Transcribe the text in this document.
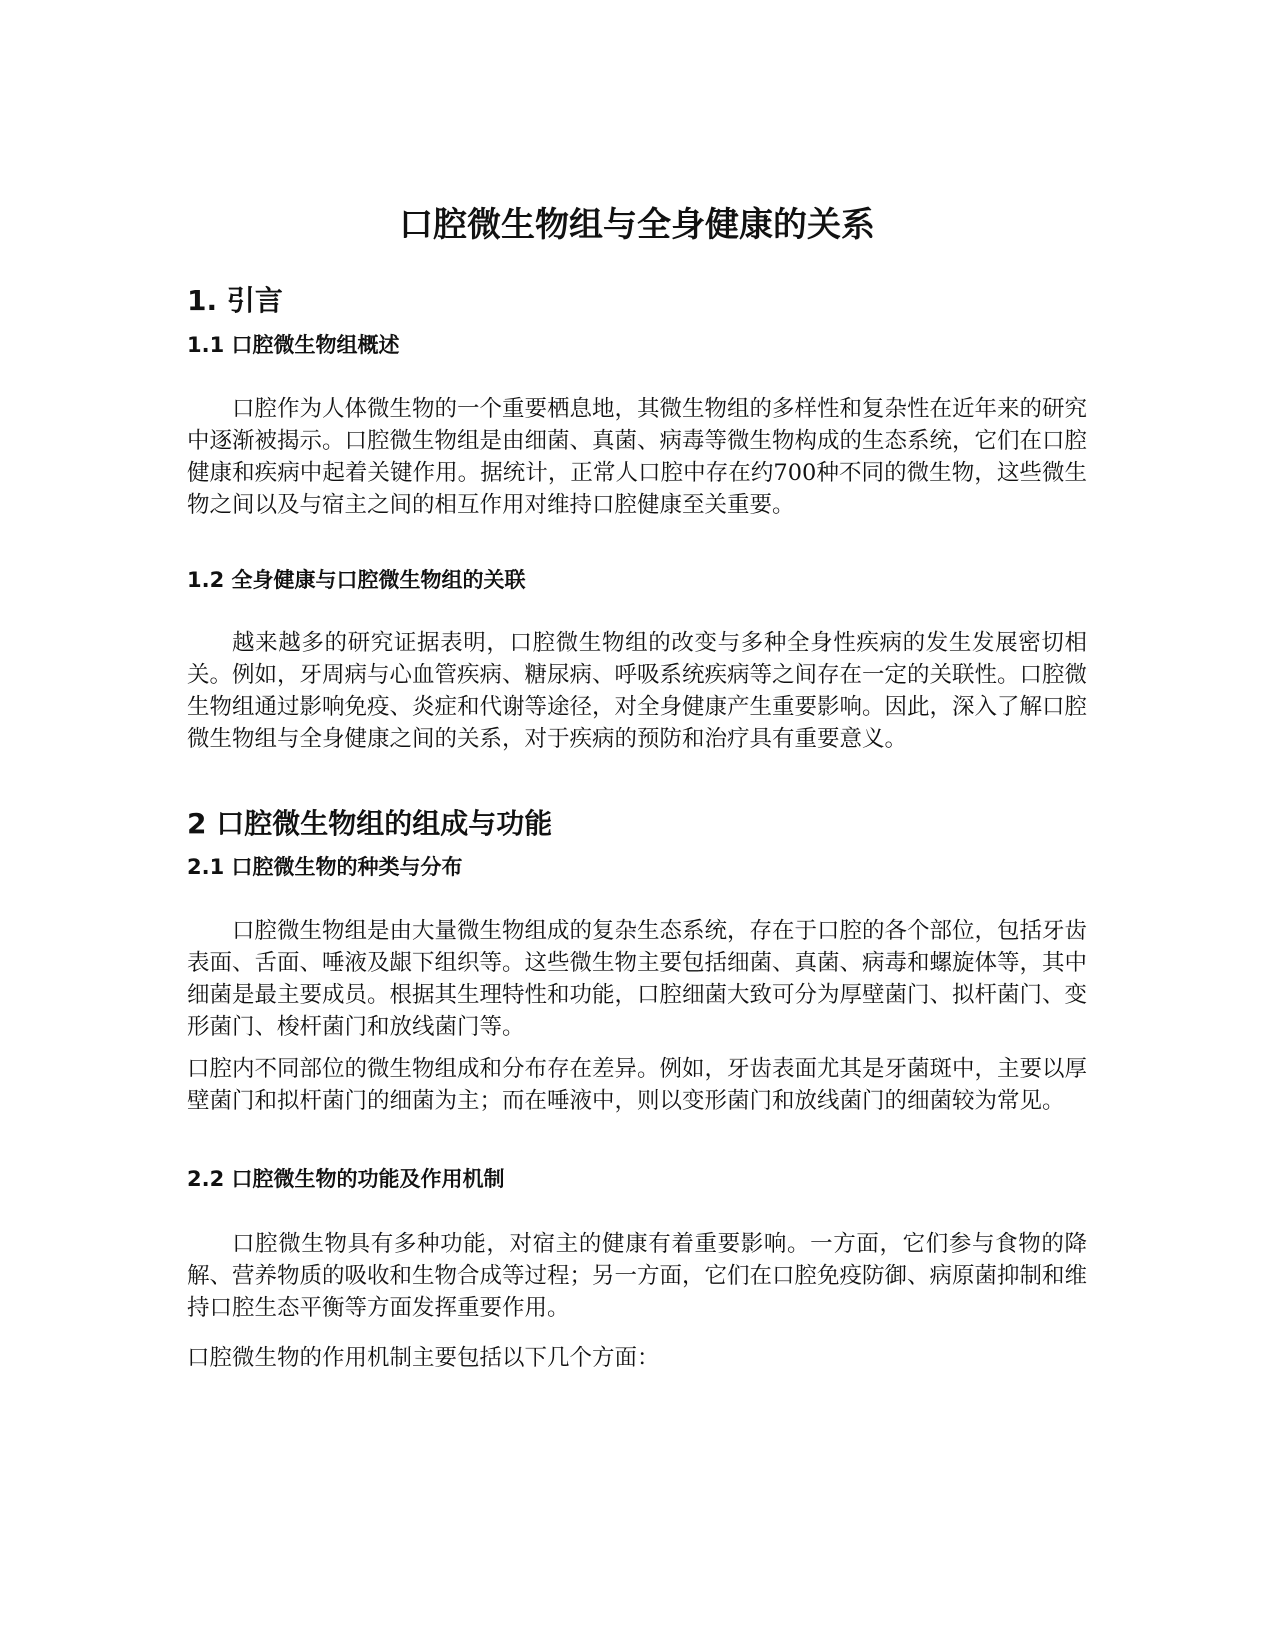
口腔微生物组与全身健康的关系
1. 引言
1.1 口腔微生物组概述

口腔作为人体微生物的一个重要栖息地，其微生物组的多样性和复杂性在近年来的研究中逐渐被揭示。口腔微生物组是由细菌、真菌、病毒等微生物构成的生态系统，它们在口腔健康和疾病中起着关键作用。据统计，正常人口腔中存在约700种不同的微生物，这些微生物之间以及与宿主之间的相互作用对维持口腔健康至关重要。

1.2 全身健康与口腔微生物组的关联

越来越多的研究证据表明，口腔微生物组的改变与多种全身性疾病的发生发展密切相关。例如，牙周病与心血管疾病、糖尿病、呼吸系统疾病等之间存在一定的关联性。口腔微生物组通过影响免疫、炎症和代谢等途径，对全身健康产生重要影响。因此，深入了解口腔微生物组与全身健康之间的关系，对于疾病的预防和治疗具有重要意义。

2 口腔微生物组的组成与功能
2.1 口腔微生物的种类与分布

口腔微生物组是由大量微生物组成的复杂生态系统，存在于口腔的各个部位，包括牙齿表面、舌面、唾液及龈下组织等。这些微生物主要包括细菌、真菌、病毒和螺旋体等，其中细菌是最主要成员。根据其生理特性和功能，口腔细菌大致可分为厚壁菌门、拟杆菌门、变形菌门、梭杆菌门和放线菌门等。

口腔内不同部位的微生物组成和分布存在差异。例如，牙齿表面尤其是牙菌斑中，主要以厚壁菌门和拟杆菌门的细菌为主；而在唾液中，则以变形菌门和放线菌门的细菌较为常见。

2.2 口腔微生物的功能及作用机制

口腔微生物具有多种功能，对宿主的健康有着重要影响。一方面，它们参与食物的降解、营养物质的吸收和生物合成等过程；另一方面，它们在口腔免疫防御、病原菌抑制和维持口腔生态平衡等方面发挥重要作用。

口腔微生物的作用机制主要包括以下几个方面：
